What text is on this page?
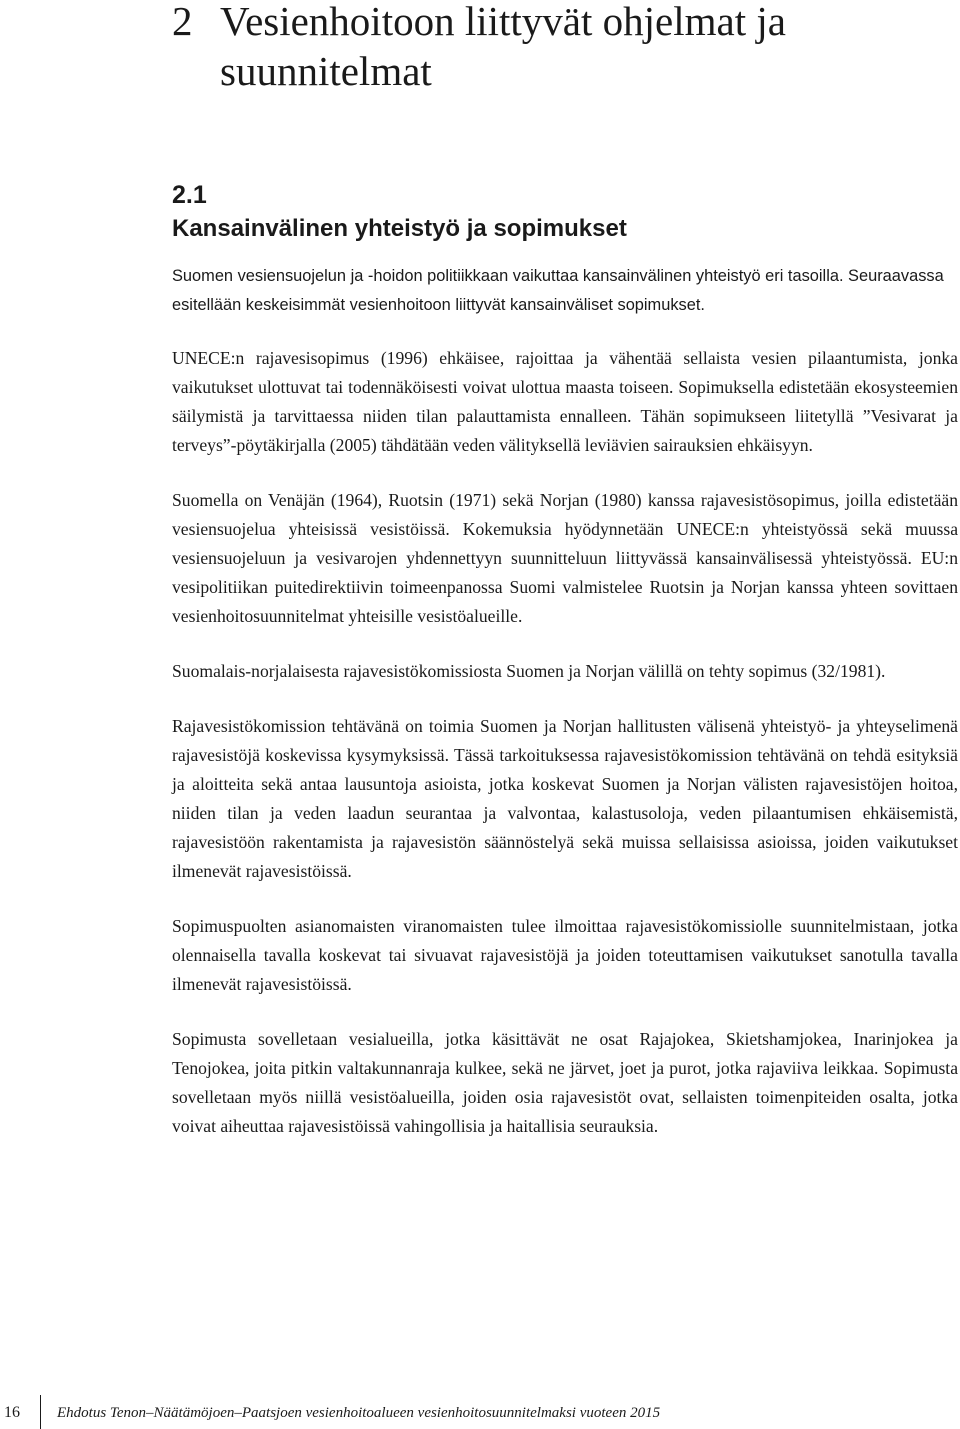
2 Vesienhoitoon liittyvät ohjelmat ja suunnitelmat
2.1
Kansainvälinen yhteistyö ja sopimukset

Suomen vesiensuojelun ja -hoidon politiikkaan vaikuttaa kansainvälinen yhteistyö eri tasoilla. Seuraavassa esitellään keskeisimmät vesienhoitoon liittyvät kansainväliset sopimukset.

UNECE:n rajavesisopimus (1996) ehkäisee, rajoittaa ja vähentää sellaista vesien pilaantumista, jonka vaikutukset ulottuvat tai todennäköisesti voivat ulottua maasta toiseen. Sopimuksella edistetään ekosysteemien säilymistä ja tarvittaessa niiden tilan palauttamista ennalleen. Tähän sopimukseen liitetyllä ”Vesivarat ja terveys”-pöytäkirjalla (2005) tähdätään veden välityksellä leviävien sairauksien ehkäisyyn.

Suomella on Venäjän (1964), Ruotsin (1971) sekä Norjan (1980) kanssa rajavesistösopimus, joilla edistetään vesiensuojelua yhteisissä vesistöissä. Kokemuksia hyödynnetään UNECE:n yhteistyössä sekä muussa vesiensuojeluun ja vesivarojen yhdennettyyn suunnitteluun liittyvässä kansainvälisessä yhteistyössä. EU:n vesipolitiikan puitedirektiivin toimeenpanossa Suomi valmistelee Ruotsin ja Norjan kanssa yhteen sovittaen vesienhoitosuunnitelmat yhteisille vesistöalueille.

Suomalais-norjalaisesta rajavesistökomissiosta Suomen ja Norjan välillä on tehty sopimus (32/1981).

Rajavesistökomission tehtävänä on toimia Suomen ja Norjan hallitusten välisenä yhteistyö- ja yhteyselimenä rajavesistöjä koskevissa kysymyksissä. Tässä tarkoituksessa rajavesistökomission tehtävänä on tehdä esityksiä ja aloitteita sekä antaa lausuntoja asioista, jotka koskevat Suomen ja Norjan välisten rajavesistöjen hoitoa, niiden tilan ja veden laadun seurantaa ja valvontaa, kalastusoloja, veden pilaantumisen ehkäisemistä, rajavesistöön rakentamista ja rajavesistön säännöstelyä sekä muissa sellaisissa asioissa, joiden vaikutukset ilmenevät rajavesistöissä.

Sopimuspuolten asianomaisten viranomaisten tulee ilmoittaa rajavesistökomissiolle suunnitelmistaan, jotka olennaisella tavalla koskevat tai sivuavat rajavesistöjä ja joiden toteuttamisen vaikutukset sanotulla tavalla ilmenevät rajavesistöissä.

Sopimusta sovelletaan vesialueilla, jotka käsittävät ne osat Rajajokea, Skietshamjokea, Inarinjokea ja Tenojokea, joita pitkin valtakunnanraja kulkee, sekä ne järvet, joet ja purot, jotka rajaviiva leikkaa. Sopimusta sovelletaan myös niillä vesistöalueilla, joiden osia rajavesistöt ovat, sellaisten toimenpiteiden osalta, jotka voivat aiheuttaa rajavesistöissä vahingollisia ja haitallisia seurauksia.

16 Ehdotus Tenon–Näätämöjoen–Paatsjoen vesienhoitoalueen vesienhoitosuunnitelmaksi vuoteen 2015
